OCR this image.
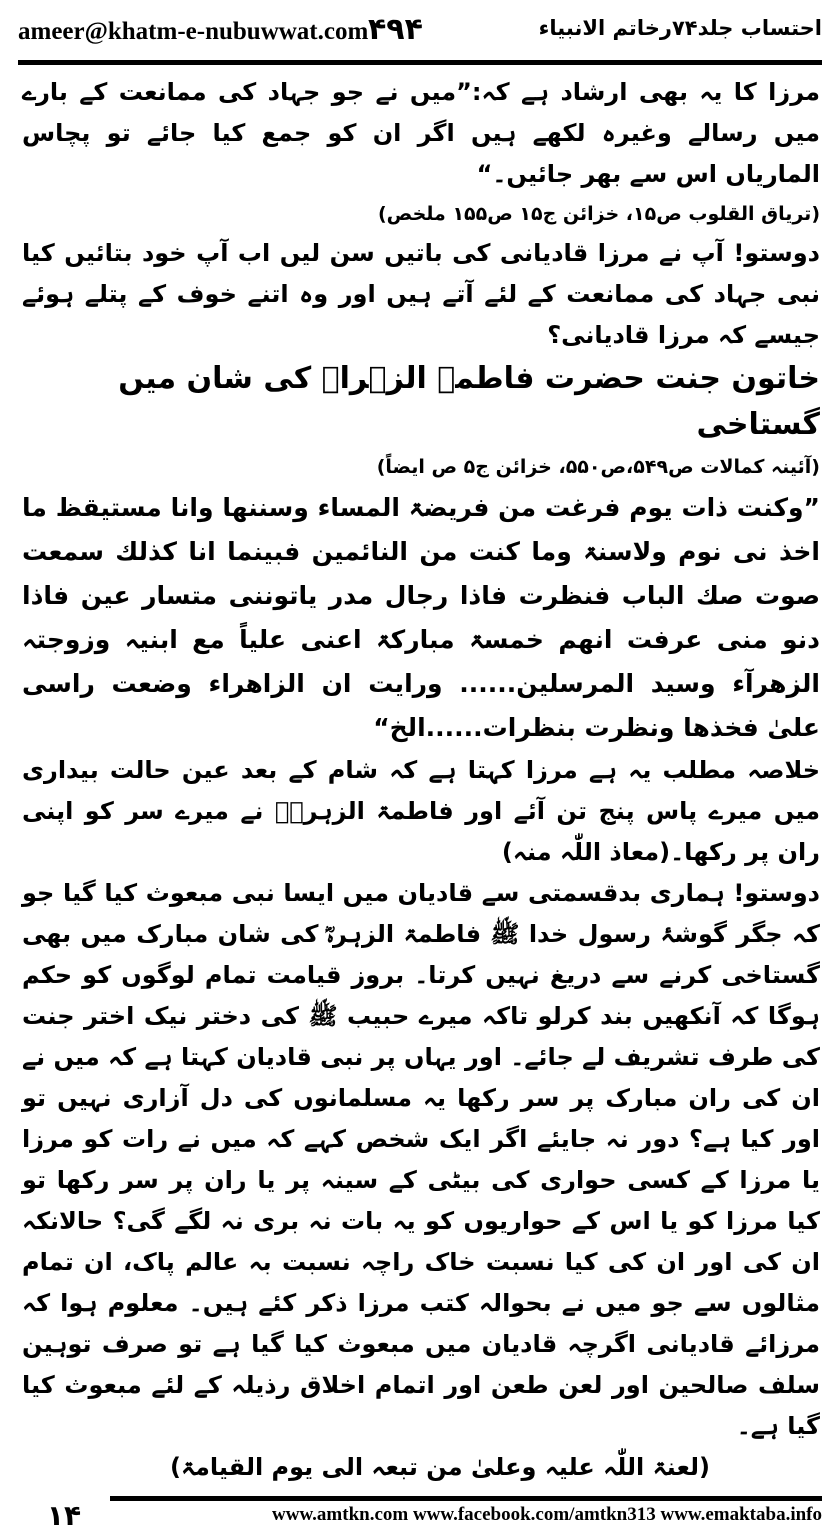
ameer@khatm-e-nubuwwat.com ۴۹۴	احتساب جلد۷۴رخاتم الانبیاء

مرزا کا یہ بھی ارشاد ہے کہ:”میں نے جو جہاد کی ممانعت کے بارے میں رسالے وغیرہ لکھے ہیں اگر ان کو جمع کیا جائے تو پچاس الماریاں اس سے بھر جائیں۔“

(تریاق القلوب ص۱۵، خزائن ج۱۵ ص۱۵۵ ملخص)

دوستو! آپ نے مرزا قادیانی کی باتیں سن لیں اب آپ خود بتائیں کیا نبی جہاد کی ممانعت کے لئے آتے ہیں اور وہ اتنے خوف کے پتلے ہوئے جیسے کہ مرزا قادیانی؟

خاتون جنت حضرت فاطمۃ الزہراؓ کی شان میں گستاخی

(آئینہ کمالات ص۵۴۹،ص۵۵۰، خزائن ج۵ ص ایضاً)

”وکنت ذات یوم فرغت من فریضۃ المساء وسننھا وانا مستیقظ ما اخذ نی نوم ولاسنۃ وما کنت من النائمین فبینما انا کذلك سمعت صوت صك الباب فنظرت فاذا رجال مدر یاتوننی متسار عین فاذا دنو منی عرفت انھم خمسۃ مبارکۃ اعنی علیاً مع ابنیہ وزوجتہ الزھرآء وسید المرسلین...... ورایت ان الزاھراء وضعت راسی علیٰ فخذھا ونظرت بنظرات......الخ“

خلاصہ مطلب یہ ہے مرزا کہتا ہے کہ شام کے بعد عین حالت بیداری میں میرے پاس پنج تن آئے اور فاطمۃ الزہرہؓ نے میرے سر کو اپنی ران پر رکھا۔(معاذ اللّٰہ منہ)

دوستو! ہماری بدقسمتی سے قادیان میں ایسا نبی مبعوث کیا گیا جو کہ جگر گوشۂ رسول خدا ﷺ فاطمۃ الزہرہؓ کی شان مبارک میں بھی گستاخی کرنے سے دریغ نہیں کرتا۔ بروز قیامت تمام لوگوں کو حکم ہوگا کہ آنکھیں بند کرلو تاکہ میرے حبیب ﷺ کی دختر نیک اختر جنت کی طرف تشریف لے جائے۔ اور یہاں پر نبی قادیان کہتا ہے کہ میں نے ان کی ران مبارک پر سر رکھا یہ مسلمانوں کی دل آزاری نہیں تو اور کیا ہے؟ دور نہ جایئے اگر ایک شخص کہے کہ میں نے رات کو مرزا یا مرزا کے کسی حواری کی بیٹی کے سینہ پر یا ران پر سر رکھا تو کیا مرزا کو یا اس کے حواریوں کو یہ بات نہ بری نہ لگے گی؟ حالانکہ ان کی اور ان کی کیا نسبت خاک راچہ نسبت بہ عالم پاک، ان تمام مثالوں سے جو میں نے بحوالہ کتب مرزا ذکر کئے ہیں۔ معلوم ہوا کہ مرزائے قادیانی اگرچہ قادیان میں مبعوث کیا گیا ہے تو صرف توہین سلف صالحین اور لعن طعن اور اتمام اخلاق رذیلہ کے لئے مبعوث کیا گیا ہے۔

(لعنۃ اللّٰہ علیہ وعلیٰ من تبعہ الی یوم القیامۃ)

۱۴	www.amtkn.com www.facebook.com/amtkn313 www.emaktaba.info
